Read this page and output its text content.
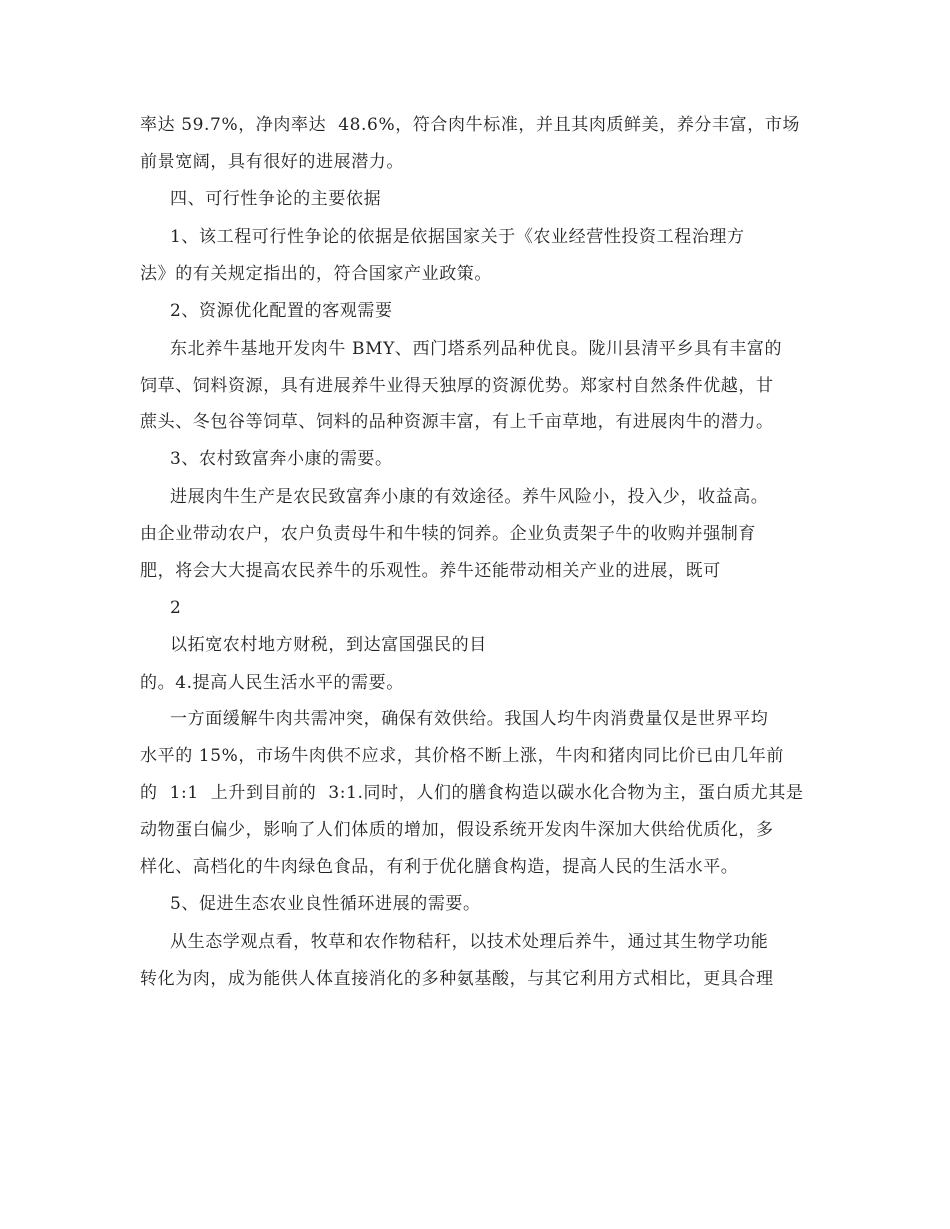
率达 59.7%，净肉率达  48.6%，符合肉牛标准，并且其肉质鲜美，养分丰富，市场
前景宽阔，具有很好的进展潜力。
四、可行性争论的主要依据
1、该工程可行性争论的依据是依据国家关于《农业经营性投资工程治理方
法》的有关规定指出的，符合国家产业政策。
2、资源优化配置的客观需要
东北养牛基地开发肉牛 BMY、西门塔系列品种优良。陇川县清平乡具有丰富的
饲草、饲料资源，具有进展养牛业得天独厚的资源优势。郑家村自然条件优越，甘
蔗头、冬包谷等饲草、饲料的品种资源丰富，有上千亩草地，有进展肉牛的潜力。
3、农村致富奔小康的需要。
进展肉牛生产是农民致富奔小康的有效途径。养牛风险小，投入少，收益高。
由企业带动农户，农户负责母牛和牛犊的饲养。企业负责架子牛的收购并强制育
肥，将会大大提高农民养牛的乐观性。养牛还能带动相关产业的进展，既可
2
以拓宽农村地方财税，到达富国强民的目
的。4.提高人民生活水平的需要。
一方面缓解牛肉共需冲突，确保有效供给。我国人均牛肉消费量仅是世界平均
水平的 15%，市场牛肉供不应求，其价格不断上涨，牛肉和猪肉同比价已由几年前
的  1:1  上升到目前的  3:1.同时，人们的膳食构造以碳水化合物为主，蛋白质尤其是
动物蛋白偏少，影响了人们体质的增加，假设系统开发肉牛深加大供给优质化，多
样化、高档化的牛肉绿色食品，有利于优化膳食构造，提高人民的生活水平。
5、促进生态农业良性循环进展的需要。
从生态学观点看，牧草和农作物秸秆，以技术处理后养牛，通过其生物学功能
转化为肉，成为能供人体直接消化的多种氨基酸，与其它利用方式相比，更具合理
